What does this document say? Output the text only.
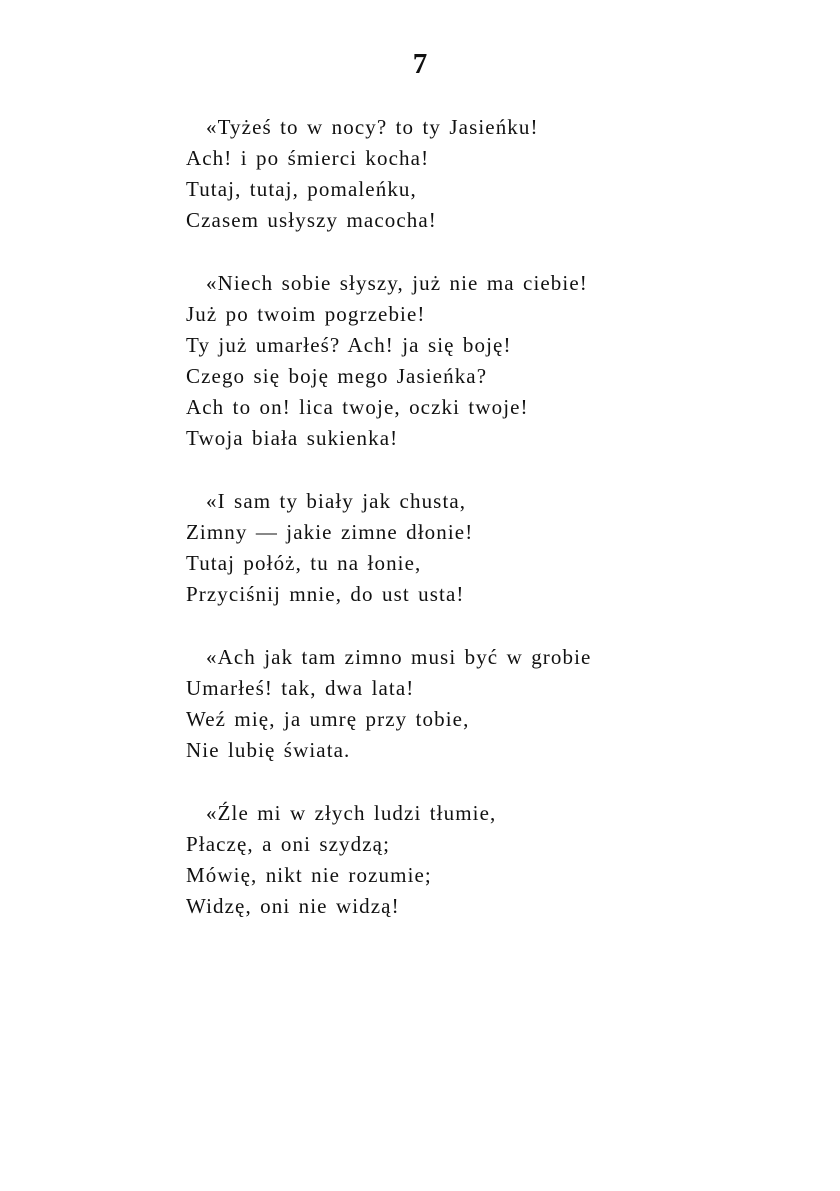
7
«Tyżeś to w nocy? to ty Jasieńku!
Ach! i po śmierci kocha!
Tutaj, tutaj, pomaleńku,
Czasem usłyszy macocha!
«Niech sobie słyszy, już nie ma ciebie!
Już po twoim pogrzebie!
Ty już umarłeś? Ach! ja się boję!
Czego się boję mego Jasieńka?
Ach to on! lica twoje, oczki twoje!
Twoja biała sukienka!
«I sam ty biały jak chusta,
Zimny — jakie zimne dłonie!
Tutaj połóż, tu na łonie,
Przyciśnij mnie, do ust usta!
«Ach jak tam zimno musi być w grobie
Umarłeś! tak, dwa lata!
Weź mię, ja umrę przy tobie,
Nie lubię świata.
«Źle mi w złych ludzi tłumie,
Płaczę, a oni szydzą;
Mówię, nikt nie rozumie;
Widzę, oni nie widzą!
